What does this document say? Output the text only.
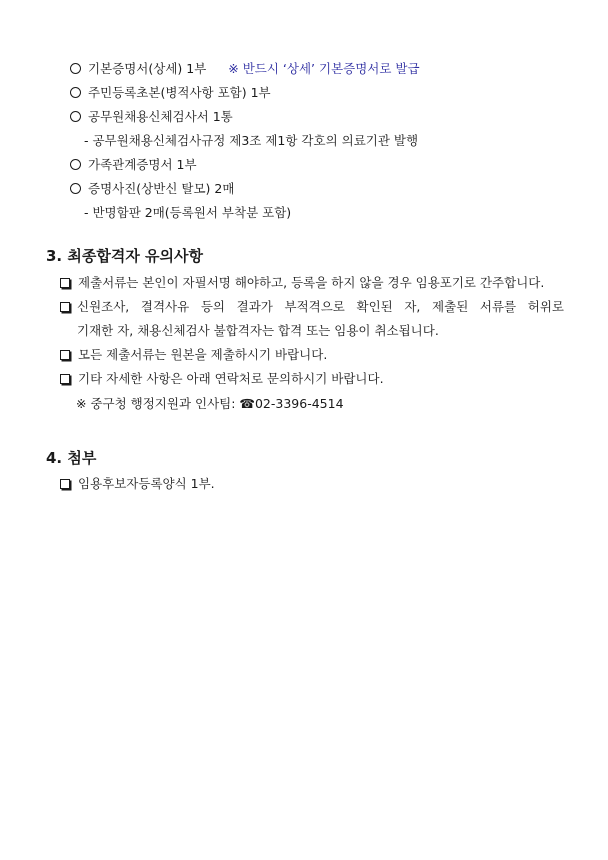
기본증명서(상세) 1부 ※ 반드시 ‘상세’ 기본증명서로 발급
주민등록초본(병적사항 포함) 1부
공무원채용신체검사서 1통
- 공무원채용신체검사규정 제3조 제1항 각호의 의료기관 발행
가족관계증명서 1부
증명사진(상반신 탈모) 2매
- 반명함판 2매(등록원서 부착분 포함)
3. 최종합격자 유의사항
제출서류는 본인이 자필서명 해야하고, 등록을 하지 않을 경우 임용포기로 간주합니다.
신원조사, 결격사유 등의 결과가 부적격으로 확인된 자, 제출된 서류를 허위로
기재한 자, 채용신체검사 불합격자는 합격 또는 임용이 취소됩니다.
모든 제출서류는 원본을 제출하시기 바랍니다.
기타 자세한 사항은 아래 연락처로 문의하시기 바랍니다.
※ 중구청 행정지원과 인사팀: ☎02-3396-4514
4. 첨부
임용후보자등록양식 1부.
